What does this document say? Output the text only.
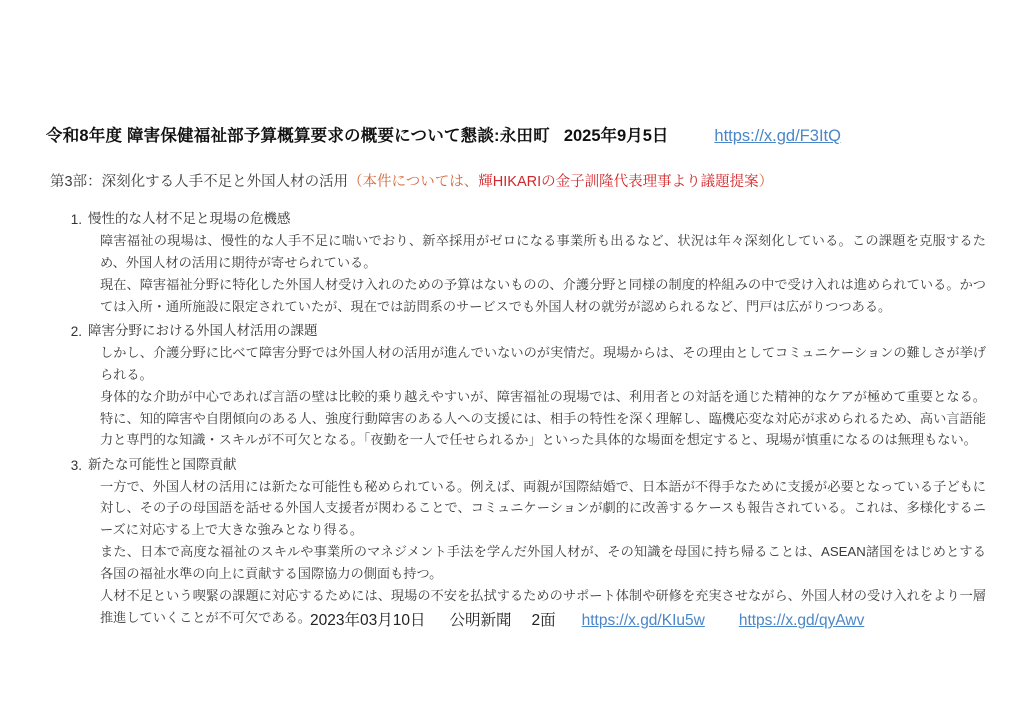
令和8年度 障害保健福祉部予算概算要求の概要について懇談:永田町 2025年9月5日	https://x.gd/F3ItQ
第3部：深刻化する人手不足と外国人材の活用（本件については、輝HIKARIの金子訓隆代表理事より議題提案）
1. 慢性的な人材不足と現場の危機感

障害福祉の現場は、慢性的な人手不足に喘いでおり、新卒採用がゼロになる事業所も出るなど、状況は年々深刻化している。この課題を克服するため、外国人材の活用に期待が寄せられている。

現在、障害福祉分野に特化した外国人材受け入れのための予算はないものの、介護分野と同様の制度的枠組みの中で受け入れは進められている。かつては入所・通所施設に限定されていたが、現在では訪問系のサービスでも外国人材の就労が認められるなど、門戸は広がりつつある。

2. 障害分野における外国人材活用の課題

しかし、介護分野に比べて障害分野では外国人材の活用が進んでいないのが実情だ。現場からは、その理由としてコミュニケーションの難しさが挙げられる。

身体的な介助が中心であれば言語の壁は比較的乗り越えやすいが、障害福祉の現場では、利用者との対話を通じた精神的なケアが極めて重要となる。特に、知的障害や自閉傾向のある人、強度行動障害のある人への支援には、相手の特性を深く理解し、臨機応変な対応が求められるため、高い言語能力と専門的な知識・スキルが不可欠となる。「夜勤を一人で任せられるか」といった具体的な場面を想定すると、現場が慎重になるのは無理もない。

3. 新たな可能性と国際貢献

一方で、外国人材の活用には新たな可能性も秘められている。例えば、両親が国際結婚で、日本語が不得手なために支援が必要となっている子どもに対し、その子の母国語を話せる外国人支援者が関わることで、コミュニケーションが劇的に改善するケースも報告されている。これは、多様化するニーズに対応する上で大きな強みとなり得る。

また、日本で高度な福祉のスキルや事業所のマネジメント手法を学んだ外国人材が、その知識を母国に持ち帰ることは、ASEAN諸国をはじめとする各国の福祉水準の向上に貢献する国際協力の側面も持つ。

人材不足という喫緊の課題に対応するためには、現場の不安を払拭するためのサポート体制や研修を充実させながら、外国人材の受け入れをより一層推進していくことが不可欠である。 2023年03月10日 公明新聞 2面 https://x.gd/KIu5w https://x.gd/qyAwv
